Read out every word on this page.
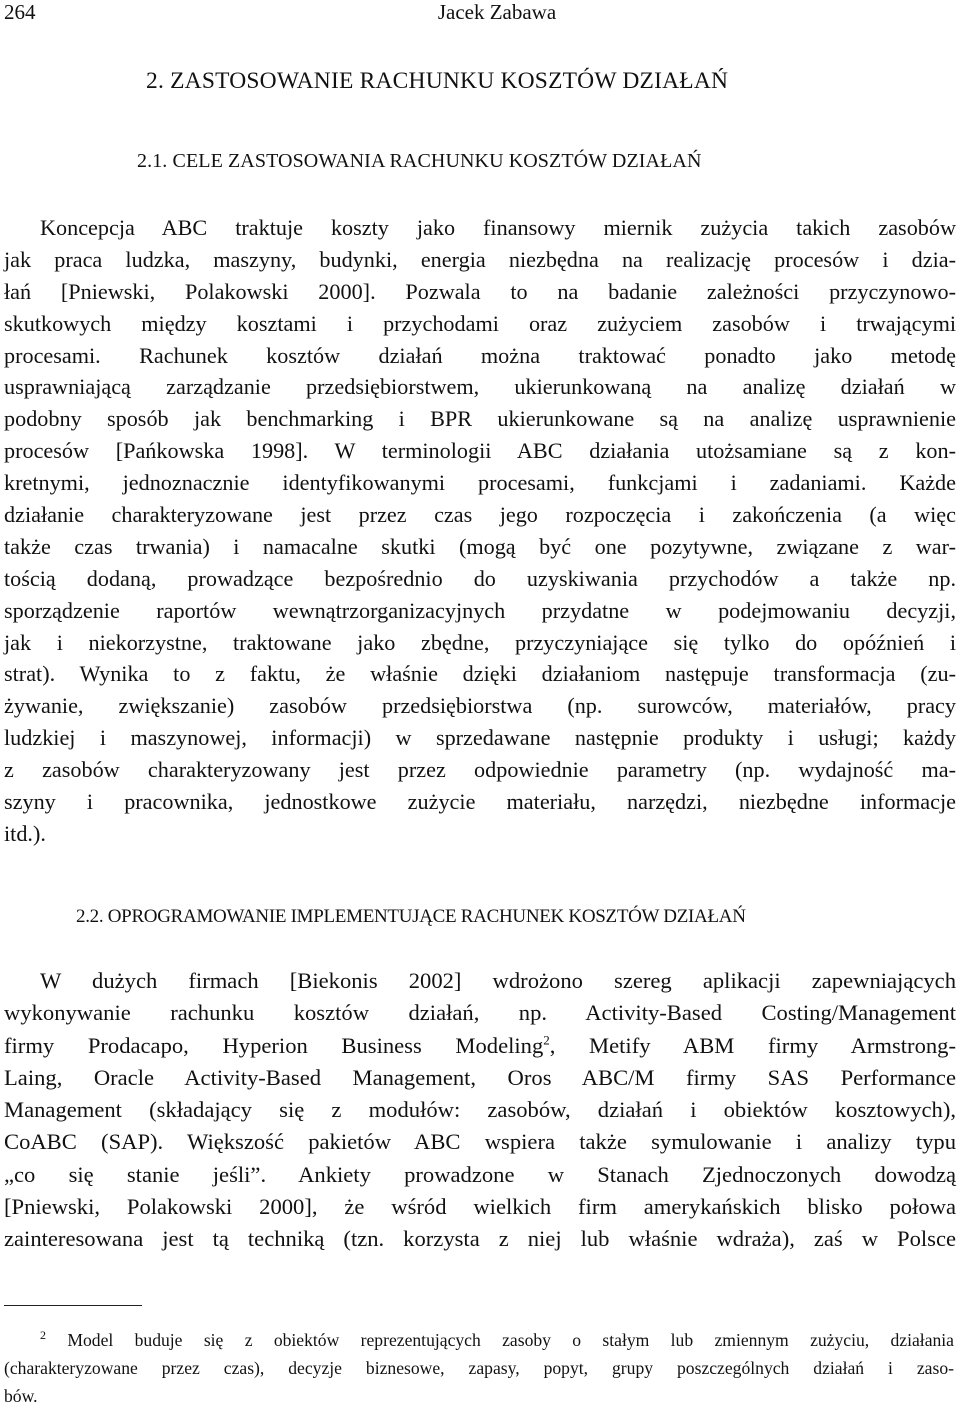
264	Jacek Zabawa
2. ZASTOSOWANIE RACHUNKU KOSZTÓW DZIAŁAŃ
2.1. CELE ZASTOSOWANIA RACHUNKU KOSZTÓW DZIAŁAŃ
Koncepcja ABC traktuje koszty jako finansowy miernik zużycia takich zasobów
jak praca ludzka, maszyny, budynki, energia niezbędna na realizację procesów i dzia-
łań [Pniewski, Polakowski 2000]. Pozwala to na badanie zależności przyczynowo-
skutkowych między kosztami i przychodami oraz zużyciem zasobów i trwającymi
procesami. Rachunek kosztów działań można traktować ponadto jako metodę
usprawniającą zarządzanie przedsiębiorstwem, ukierunkowaną na analizę działań w
podobny sposób jak benchmarking i BPR ukierunkowane są na analizę usprawnienie
procesów [Pańkowska 1998]. W terminologii ABC działania utożsamiane są z kon-
kretnymi, jednoznacznie identyfikowanymi procesami, funkcjami i zadaniami. Każde
działanie charakteryzowane jest przez czas jego rozpoczęcia i zakończenia (a więc
także czas trwania) i namacalne skutki (mogą być one pozytywne, związane z war-
tością dodaną, prowadzące bezpośrednio do uzyskiwania przychodów a także np.
sporządzenie raportów wewnątrzorganizacyjnych przydatne w podejmowaniu decyzji,
jak i niekorzystne, traktowane jako zbędne, przyczyniające się tylko do opóźnień i
strat). Wynika to z faktu, że właśnie dzięki działaniom następuje transformacja (zu-
żywanie, zwiększanie) zasobów przedsiębiorstwa (np. surowców, materiałów, pracy
ludzkiej i maszynowej, informacji) w sprzedawane następnie produkty i usługi; każdy
z zasobów charakteryzowany jest przez odpowiednie parametry (np. wydajność ma-
szyny i pracownika, jednostkowe zużycie materiału, narzędzi, niezbędne informacje
itd.).
2.2. OPROGRAMOWANIE IMPLEMENTUJĄCE RACHUNEK KOSZTÓW DZIAŁAŃ
W dużych firmach [Biekonis 2002] wdrożono szereg aplikacji zapewniających
wykonywanie rachunku kosztów działań, np. Activity-Based Costing/Management
firmy Prodacapo, Hyperion Business Modeling$^2$, Metify ABM firmy Armstrong-
Laing, Oracle Activity-Based Management, Oros ABC/M firmy SAS Performance
Management (składający się z modułów: zasobów, działań i obiektów kosztowych),
CoABC (SAP). Większość pakietów ABC wspiera także symulowanie i analizy typu
„co się stanie jeśli”. Ankiety prowadzone w Stanach Zjednoczonych dowodzą
[Pniewski, Polakowski 2000], że wśród wielkich firm amerykańskich blisko połowa
zainteresowana jest tą techniką (tzn. korzysta z niej lub właśnie wdraża), zaś w Polsce
$^2$ Model buduje się z obiektów reprezentujących zasoby o stałym lub zmiennym zużyciu, działania
(charakteryzowane przez czas), decyzje biznesowe, zapasy, popyt, grupy poszczególnych działań i zaso-
bów.
